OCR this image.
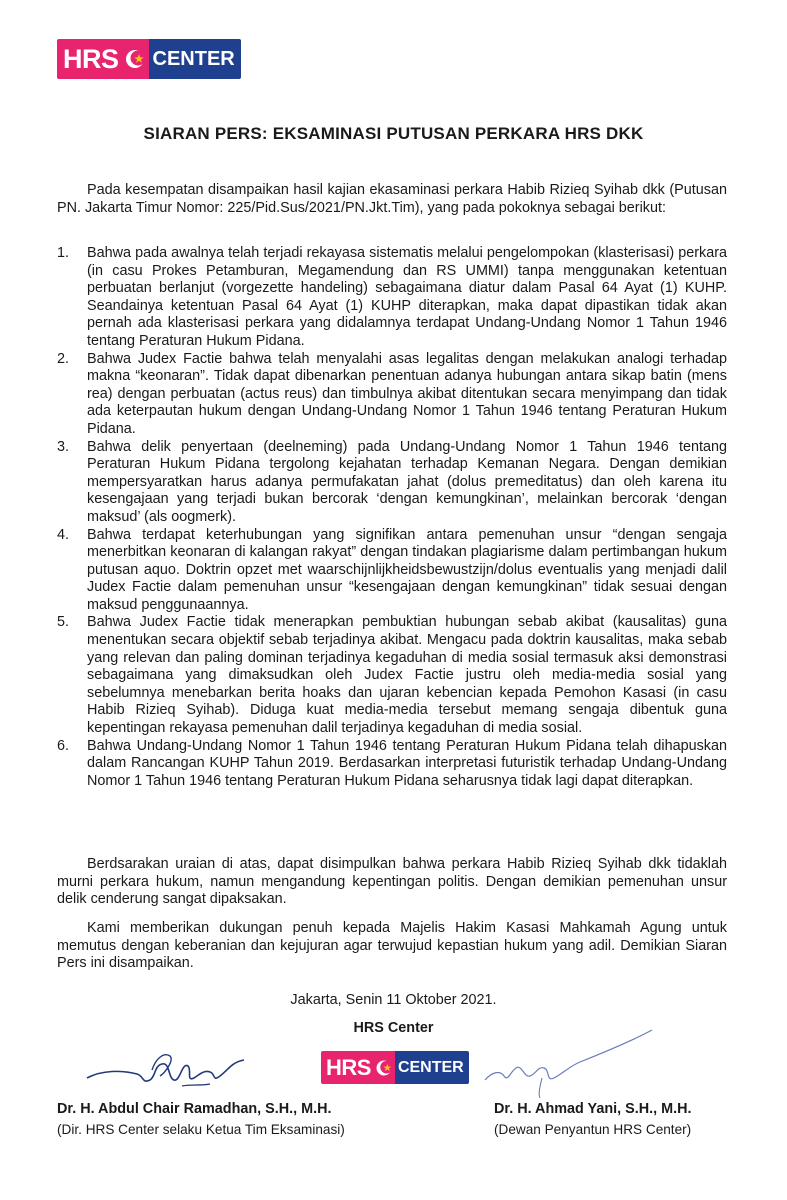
HRS CENTER
SIARAN PERS: EKSAMINASI PUTUSAN PERKARA HRS DKK

Pada kesempatan disampaikan hasil kajian ekasaminasi perkara Habib Rizieq Syihab dkk (Putusan PN. Jakarta Timur Nomor: 225/Pid.Sus/2021/PN.Jkt.Tim), yang pada pokoknya sebagai berikut:

1.	Bahwa pada awalnya telah terjadi rekayasa sistematis melalui pengelompokan (klasterisasi) perkara (in casu Prokes Petamburan, Megamendung dan RS UMMI) tanpa menggunakan ketentuan perbuatan berlanjut (vorgezette handeling) sebagaimana diatur dalam Pasal 64 Ayat (1) KUHP. Seandainya ketentuan Pasal 64 Ayat (1) KUHP diterapkan, maka dapat dipastikan tidak akan pernah ada klasterisasi perkara yang didalamnya terdapat Undang-Undang Nomor 1 Tahun 1946 tentang Peraturan Hukum Pidana.
2.	Bahwa Judex Factie bahwa telah menyalahi asas legalitas dengan melakukan analogi terhadap makna “keonaran”. Tidak dapat dibenarkan penentuan adanya hubungan antara sikap batin (mens rea) dengan perbuatan (actus reus) dan timbulnya akibat ditentukan secara menyimpang dan tidak ada keterpautan hukum dengan Undang-Undang Nomor 1 Tahun 1946 tentang Peraturan Hukum Pidana.
3.	Bahwa delik penyertaan (deelneming) pada Undang-Undang Nomor 1 Tahun 1946 tentang Peraturan Hukum Pidana tergolong kejahatan terhadap Kemanan Negara. Dengan demikian mempersyaratkan harus adanya permufakatan jahat (dolus premeditatus) dan oleh karena itu kesengajaan yang terjadi bukan bercorak ‘dengan kemungkinan’, melainkan bercorak ‘dengan maksud’ (als oogmerk).
4.	Bahwa terdapat keterhubungan yang signifikan antara pemenuhan unsur “dengan sengaja menerbitkan keonaran di kalangan rakyat” dengan tindakan plagiarisme dalam pertimbangan hukum putusan aquo. Doktrin opzet met waarschijnlijkheidsbewustzijn/dolus eventualis yang menjadi dalil Judex Factie dalam pemenuhan unsur “kesengajaan dengan kemungkinan” tidak sesuai dengan maksud penggunaannya.
5.	Bahwa Judex Factie tidak menerapkan pembuktian hubungan sebab akibat (kausalitas) guna menentukan secara objektif sebab terjadinya akibat. Mengacu pada doktrin kausalitas, maka sebab yang relevan dan paling dominan terjadinya kegaduhan di media sosial termasuk aksi demonstrasi sebagaimana yang dimaksudkan oleh Judex Factie justru oleh media-media sosial yang sebelumnya menebarkan berita hoaks dan ujaran kebencian kepada Pemohon Kasasi (in casu Habib Rizieq Syihab). Diduga kuat media-media tersebut memang sengaja dibentuk guna kepentingan rekayasa pemenuhan dalil terjadinya kegaduhan di media sosial.
6.	Bahwa Undang-Undang Nomor 1 Tahun 1946 tentang Peraturan Hukum Pidana telah dihapuskan dalam Rancangan KUHP Tahun 2019. Berdasarkan interpretasi futuristik terhadap Undang-Undang Nomor 1 Tahun 1946 tentang Peraturan Hukum Pidana seharusnya tidak lagi dapat diterapkan.

Berdsarakan uraian di atas, dapat disimpulkan bahwa perkara Habib Rizieq Syihab dkk tidaklah murni perkara hukum, namun mengandung kepentingan politis. Dengan demikian pemenuhan unsur delik cenderung sangat dipaksakan.

Kami memberikan dukungan penuh kepada Majelis Hakim Kasasi Mahkamah Agung untuk memutus dengan keberanian dan kejujuran agar terwujud kepastian hukum yang adil. Demikian Siaran Pers ini disampaikan.

Jakarta, Senin 11 Oktober 2021.
HRS Center
HRS CENTER
Dr. H. Abdul Chair Ramadhan, S.H., M.H.
(Dir. HRS Center selaku Ketua Tim Eksaminasi)
Dr. H. Ahmad Yani, S.H., M.H.
(Dewan Penyantun HRS Center)
